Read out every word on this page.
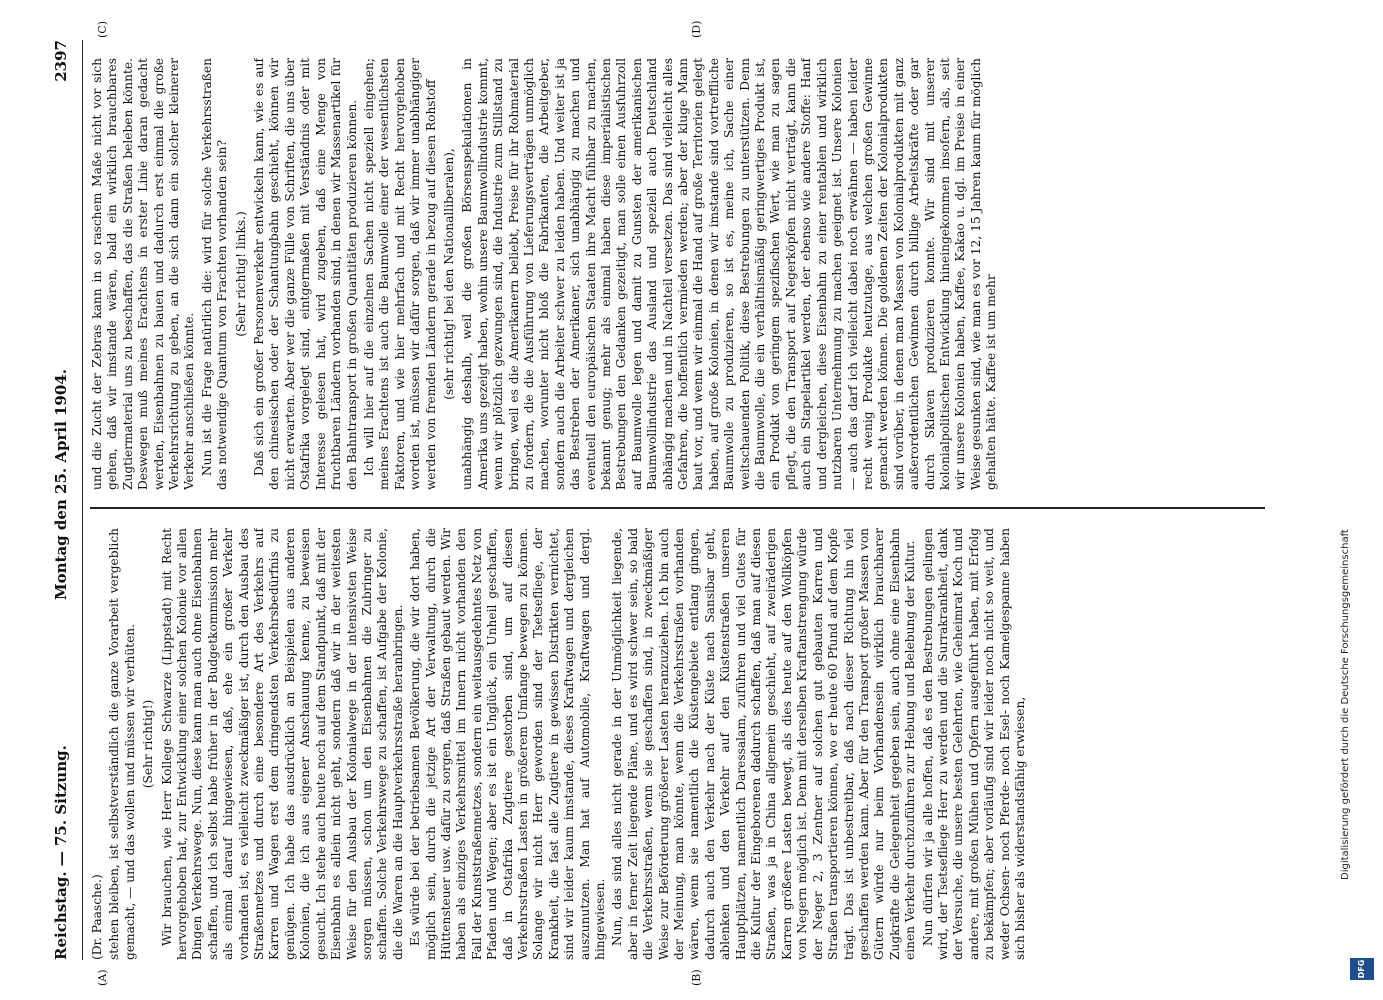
Reichstag. — 75. Sitzung.
Montag den 25. April 1904.
2397
(A)	(B)
(C)	(D)

(Dr. Paasche.) stehen bleiben, ist selbstverständlich die ganze Vorarbeit vergeblich gemacht, — und das wollen und müssen wir verhüten. (Sehr richtig!) Wir brauchen, wie Herr Kollege Schwarze (Lippstadt) mit Recht hervorgehoben hat, zur Entwicklung einer solchen Kolonie vor allen Dingen Verkehrswege. Nun, diese kann man auch ohne Eisenbahnen schaffen, und ich selbst habe früher in der Budgetkommission mehr als einmal darauf hingewiesen, daß, ehe ein großer Verkehr vorhanden ist, es vielleicht zweckmäßiger ist, durch den Ausbau des Straßennetzes und durch eine besondere Art des Verkehrs auf Karren und Wagen erst dem dringendsten Verkehrsbedürfnis zu genügen. Ich habe das ausdrücklich an Beispielen aus anderen Kolonien, die ich aus eigener Anschauung kenne, zu beweisen gesucht. Ich stehe auch heute noch auf dem Standpunkt, daß mit der Eisenbahn es allein nicht geht, sondern daß wir in der weitesten Weise für den Ausbau der Kolonialwege in der intensivsten Weise sorgen müssen, schon um den Eisenbahnen die Zubringer zu schaffen. Solche Verkehrswege zu schaffen, ist Aufgabe der Kolonie, die die Waren an die Hauptverkehrsstraße heranbringen. Es würde bei der betriebsamen Bevölkerung, die wir dort haben, möglich sein, durch die jetzige Art der Verwaltung, durch die Hüttensteuer usw. dafür zu sorgen, daß Straßen gebaut werden. Wir haben als einziges Verkehrsmittel im Innern nicht vorhanden den Fall der Kunststraßennetzes, sondern ein weitausgedehntes Netz von Pfaden und Wegen; aber es ist ein Unglück, ein Unheil geschaffen, daß in Ostafrika Zugtiere gestorben sind, um auf diesen Verkehrsstraßen Lasten in größerem Umfange bewegen zu können. Solange wir nicht Herr geworden sind der Tsetsefliege, der Krankheit, die fast alle Zugtiere in gewissen Distrikten vernichtet, sind wir leider kaum imstande, dieses Kraftwagen und dergleichen auszunutzen. Man hat auf Automobile, Kraftwagen und dergl. hingewiesen. Nun, das sind alles nicht gerade in der Unmöglichkeit liegende, aber in ferner Zeit liegende Pläne, und es wird schwer sein, so bald die Verkehrsstraßen, wenn sie geschaffen sind, in zweckmäßiger Weise zur Beförderung größerer Lasten heranzuziehen. Ich bin auch der Meinung, man könnte, wenn die Verkehrsstraßen vorhanden wären, wenn sie namentlich die Küstengebiete entlang gingen, dadurch auch den Verkehr nach der Küste nach Sansibar geht, ablenken und den Verkehr auf den Küstenstraßen unseren Hauptplätzen, namentlich Daressalam, zuführen und viel Gutes für die Kultur der Eingeborenen dadurch schaffen, daß man auf diesen Straßen, was ja in China allgemein geschieht, auf zweiräderigen Karren größere Lasten bewegt, als dies heute auf den Wollköpfen von Negern möglich ist. Denn mit derselben Kraftanstrengung würde der Neger 2, 3 Zentner auf solchen gut gebauten Karren und Straßen transportieren können, wo er heute 60 Pfund auf dem Kopfe trägt. Das ist unbestreitbar, daß nach dieser Richtung hin viel geschaffen werden kann. Aber für den Transport großer Massen von Gütern würde nur beim Vorhandensein wirklich brauchbarer Zugkräfte die Gelegenheit gegeben sein, auch ohne eine Eisenbahn einen Verkehr durchzuführen zur Hebung und Belebung der Kultur. Nun dürfen wir ja alle hoffen, daß es den Bestrebungen gelingen wird, der Tsetsefliege Herr zu werden und die Surrakrankheit, dank der Versuche, die unsere besten Gelehrten, wie Geheimrat Koch und andere, mit großen Mühen und Opfern ausgeführt haben, mit Erfolg zu bekämpfen; aber vorläufig sind wir leider noch nicht so weit, und weder Ochsen- noch Pferde- noch Esel- noch Kamelgespanne haben sich bisher als widerstandsfähig erwiesen,

und die Zucht der Zebras kann in so raschem Maße nicht vor sich gehen, daß wir imstande wären, bald ein wirklich brauchbares Zugtiermaterial uns zu beschaffen, das die Straßen beleben könnte. Deswegen muß meines Erachtens in erster Linie daran gedacht werden, Eisenbahnen zu bauen und dadurch erst einmal die große Verkehrsrichtung zu geben, an die sich dann ein solcher kleinerer Verkehr anschließen könnte. Nun ist die Frage natürlich die: wird für solche Verkehrsstraßen das notwendige Quantum von Frachten vorhanden sein? (Sehr richtig! links.) Daß sich ein großer Personenverkehr entwickeln kann, wie es auf den chinesischen oder der Schantungbahn geschieht, können wir nicht erwarten. Aber wer die ganze Fülle von Schriften, die uns über Ostafrika vorgelegt sind, eintgermaßen mit Verständnis oder mit Interesse gelesen hat, wird zugeben, daß eine Menge von fruchtbaren Ländern vorhanden sind, in denen wir Massenartikel für den Bahntransport in großen Quantitäten produzieren können. Ich will hier auf die einzelnen Sachen nicht speziell eingehen; meines Erachtens ist auch die Baumwolle einer der wesentlichsten Faktoren, und wie hier mehrfach und mit Recht hervorgehoben worden ist, müssen wir dafür sorgen, daß wir immer unabhängiger werden von fremden Ländern gerade in bezug auf diesen Rohstoff (sehr richtig! bei den Nationalliberalen), unabhängig deshalb, weil die großen Börsenspekulationen in Amerika uns gezeigt haben, wohin unsere Baumwollindustrie kommt, wenn wir plötzlich gezwungen sind, die Industrie zum Stillstand zu bringen, weil es die Amerikanern beliebt, Preise für ihr Rohmaterial zu fordern, die die Ausführung von Lieferungsverträgen unmöglich machen, worunter nicht bloß die Fabrikanten, die Arbeitgeber, sondern auch die Arbeiter schwer zu leiden haben. Und weiter ist ja das Bestreben der Amerikaner, sich unabhängig zu machen und eventuell den europäischen Staaten ihre Macht fühlbar zu machen, bekannt genug; mehr als einmal haben diese imperialistischen Bestrebungen den Gedanken gezeitigt, man solle einen Ausfuhrzoll auf Baumwolle legen und damit zu Gunsten der amerikanischen Baumwollindustrie das Ausland und speziell auch Deutschland abhängig machen und in Nachteil versetzen. Das sind vielleicht alles Gefahren, die hoffentlich vermieden werden; aber der kluge Mann baut vor, und wenn wir einmal die Hand auf große Territorien gelegt haben, auf große Kolonien, in denen wir imstande sind vortreffliche Baumwolle zu produzieren, so ist es, meine ich, Sache einer weitschauenden Politik, diese Bestrebungen zu unterstützen. Denn die Baumwolle, die ein verhältnismäßig geringwertiges Produkt ist, ein Produkt von geringem spezifischen Wert, wie man zu sagen pflegt, die den Transport auf Negerköpfen nicht verträgt, kann die auch ein Stapelartikel werden, der ebenso wie andere Stoffe: Hanf und dergleichen, diese Eisenbahn zu einer rentablen und wirklich nutzbaren Unternehmung zu machen geeignet ist. Unsere Kolonien — auch das darf ich vielleicht dabei noch erwähnen — haben leider recht wenig Produkte heutzutage, aus welchen großen Gewinne gemacht werden können. Die goldenen Zeiten der Kolonialprodukten sind vorüber, in denen man Massen von Kolonialprodukten mit ganz außerordentlichen Gewinnen durch billige Arbeitskräfte oder gar durch Sklaven produzieren konnte. Wir sind mit unserer kolonialpolitischen Entwicklung hineingekommen insofern, als, seit wir unsere Kolonien haben, Kaffee, Kakao u. dgl. im Preise in einer Weise gesunken sind, wie man es vor 12, 15 Jahren kaum für möglich gehalten hätte. Kaffee ist um mehr

Digitalisierung gefördert durch die Deutsche Forschungsgemeinschaft
DFG
